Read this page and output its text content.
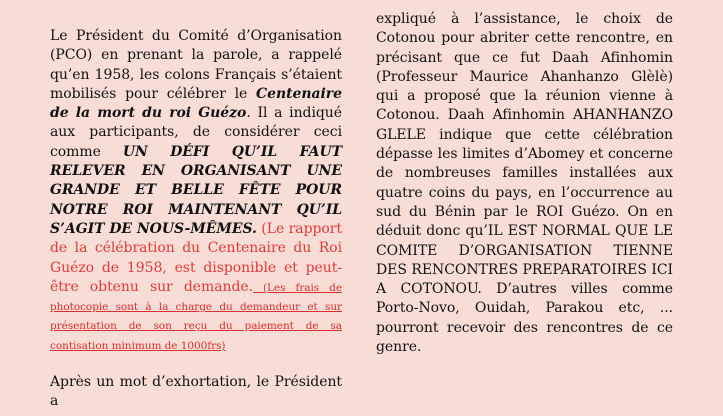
Le Président du Comité d’Organisation (PCO) en prenant la parole, a rappelé qu’en 1958, les colons Français s’étaient mobilisés pour célébrer le Centenaire de la mort du roi Guézo. Il a indiqué aux participants, de considérer ceci comme UN DÉFI QU’IL FAUT RELEVER EN ORGANISANT UNE GRANDE ET BELLE FÊTE POUR NOTRE ROI MAINTENANT QU’IL S’AGIT DE NOUS-MÊMES. (Le rapport de la célébration du Centenaire du Roi Guézo de 1958, est disponible et peut-être obtenu sur demande. (Les frais de photocopie sont à la charge du demandeur et sur présentation de son reçu du paiement de sa contisation minimum de 1000frs)

Après un mot d’exhortation, le Président a

expliqué à l’assistance, le choix de Cotonou pour abriter cette rencontre, en précisant que ce fut Daah Afinhomin (Professeur Maurice Ahanhanzo Glèlè) qui a proposé que la réunion vienne à Cotonou. Daah Afinhomin AHANHANZO GLELE indique que cette célébration dépasse les limites d’Abomey et concerne de nombreuses familles installées aux quatre coins du pays, en l’occurrence au sud du Bénin par le ROI Guézo. On en déduit donc qu’IL EST NORMAL QUE LE COMITE D’ORGANISATION TIENNE DES RENCONTRES PREPARATOIRES ICI A COTONOU. D’autres villes comme Porto-Novo, Ouidah, Parakou etc, ... pourront recevoir des rencontres de ce genre.
